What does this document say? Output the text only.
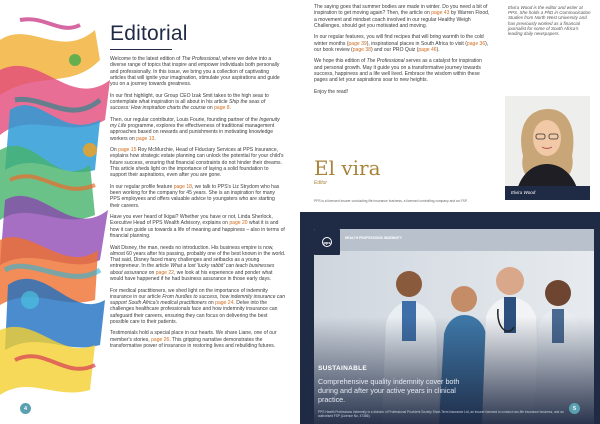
Editorial

Welcome to the latest edition of The Professional, where we delve into a diverse range of topics that inspire and empower individuals both personally and professionally. In this issue, we bring you a collection of captivating articles that will ignite your imagination, stimulate your aspirations and guide you on a journey towards greatness.

In our first highlight, our Group CEO Izak Smit takes to the high seas to contemplate what inspiration is all about in his article Ship the seas of success: How inspiration charts the course on page 8.

Then, our regular contributor, Louis Fourie, founding partner of the Ingenuity my Life programme, explores the effectiveness of traditional management approaches based on rewards and punishments in motivating knowledge workers on page 13.

On page 15 Roy McMurchie, Head of Fiduciary Services at PPS Insurance, explains how strategic estate planning can unlock the potential for your child's future success, ensuring that financial constraints do not hinder their dreams. This article sheds light on the importance of laying a solid foundation to support their aspirations, even after you are gone.

In our regular profile feature page 18, we talk to PPS's Liz Strydom who has been working for the company for 45 years. She is an inspiration for many PPS employees and offers valuable advice to youngsters who are starting their careers.

Have you ever heard of Ikigai? Whether you have or not, Linda Sherlock, Executive Head of PPS Wealth Advisory, explains on page 20 what it is and how it can guide us towards a life of meaning and happiness – also in terms of financial planning.

Walt Disney, the man, needs no introduction. His business empire is now, almost 60 years after his passing, probably one of the best known in the world. That said, Disney faced many challenges and setbacks as a young entrepreneur. In the article What a lost 'lucky rabbit' can teach businesses about assurance on page 22, we look at his experience and ponder what would have happened if he had business assurance in those early days.

For medical practitioners, we shed light on the importance of indemnity insurance in our article From hurdles to success, how indemnity insurance can support South Africa's medical practitioners on page 24. Delve into the challenges healthcare professionals face and how indemnity insurance can safeguard their careers, ensuring they can focus on delivering the best possible care to their patients.

Testimonials hold a special place in our hearts. We share Liane, one of our member's stories, page 26. This gripping narrative demonstrates the transformative power of insurance in restoring lives and rebuilding futures.

4

The saying goes that summer bodies are made in winter. Do you need a bit of inspiration to get moving again? Then, the article on page 43 by Warren Flood, a movement and mindset coach involved in our regular Healthy Weigh Challenges, should get you motivated and moving.

In our regular features, you will find recipes that will bring warmth to the cold winter months (page 39), inspirational places in South Africa to visit (page 36), our book review (page 38) and our PRO Quiz (page 46).

We hope this edition of The Professional serves as a catalyst for inspiration and personal growth. May it guide you on a transformative journey towards success, happiness and a life well lived. Embrace the wisdom within these pages and let your aspirations soar to new heights.

Enjoy the read!

Elvira Wood is the editor and writer at PPS. She holds a PhD in Communication Studies from North West University and has previously worked as a financial journalist for some of South Africa's leading daily newspapers.
Elvira Wood
El vira
Editor
PPS is a licensed insurer conducting life insurance business, a licensed controlling company and an FSP.
pps
HEALTH PROFESSIONS INDEMNITY
SUSTAINABLE
Comprehensive quality indemnity cover both during and after your active years in clinical practice.
PPS Health Professions Indemnity is a division of Professional Provident Society Short-Term Insurance Ltd, an insurer licensed to conduct non-life insurance business, and an authorised FSP (Licence No. 47386).
5
